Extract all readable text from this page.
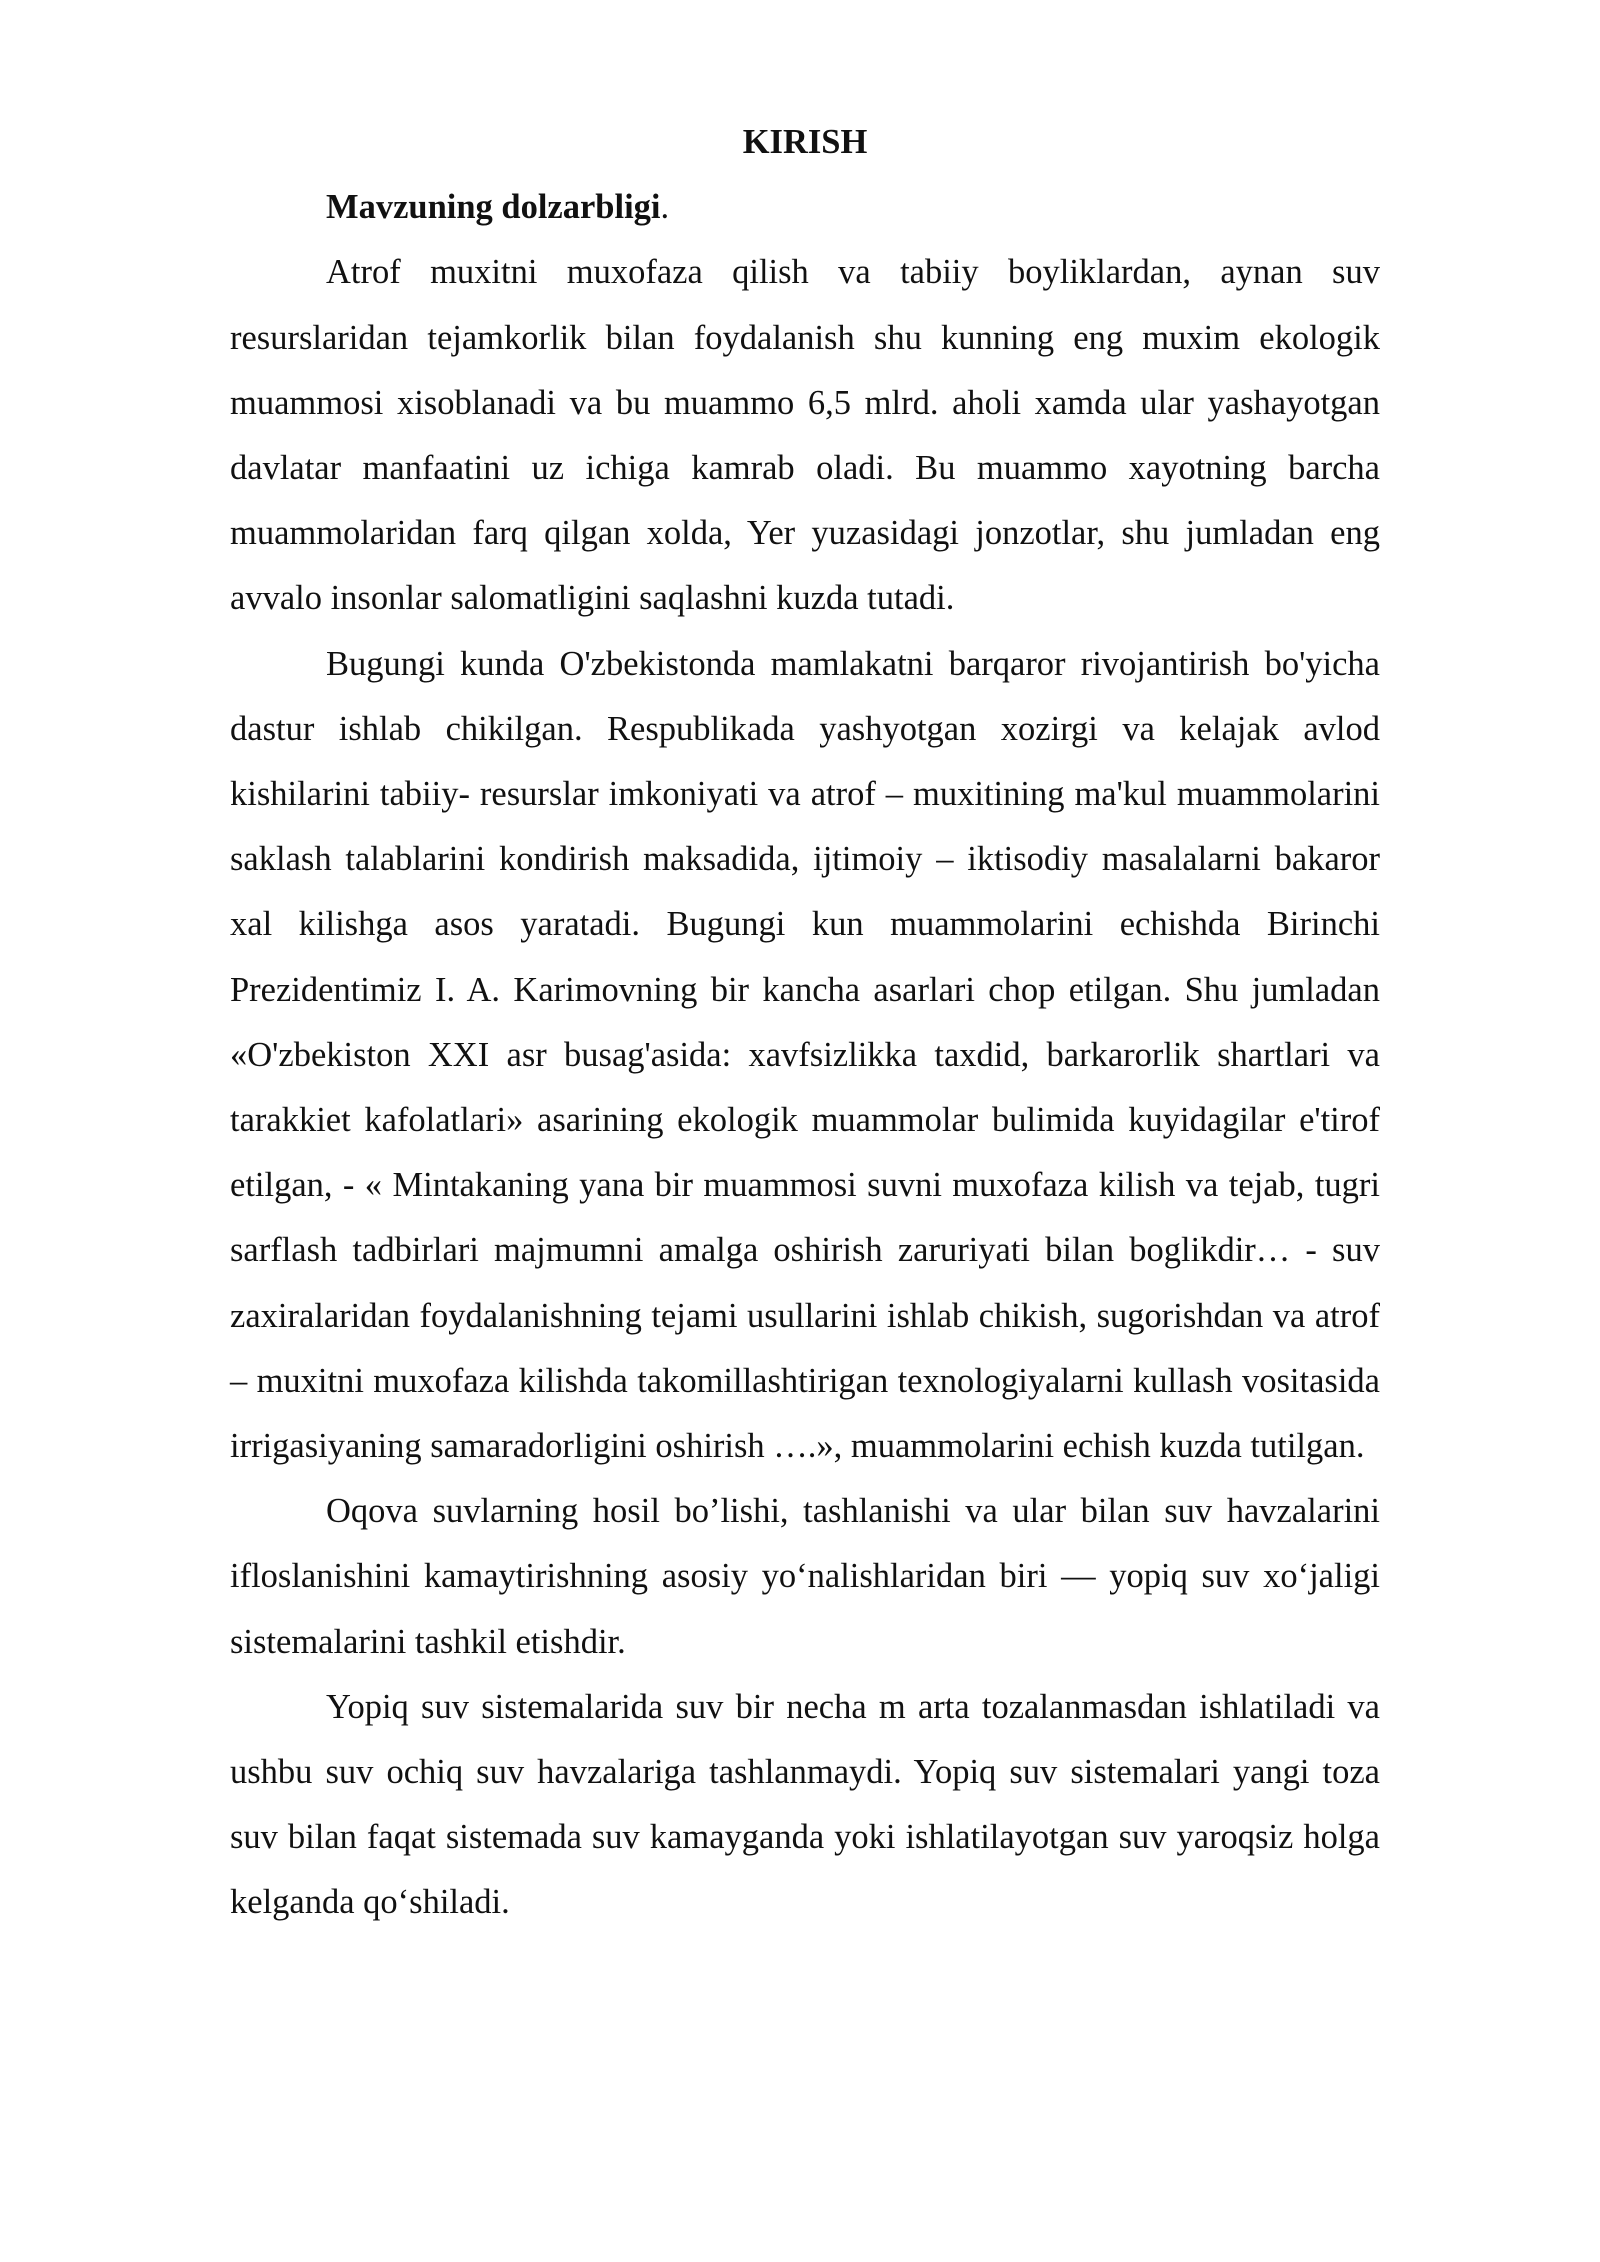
KIRISH

Mavzuning dolzarbligi.

Atrof muxitni muxofaza qilish va tabiiy boyliklardan, aynan suv resurslaridan tejamkorlik bilan foydalanish shu kunning eng muxim ekologik muammosi xisoblanadi va bu muammo 6,5 mlrd. aholi xamda ular yashayotgan davlatar manfaatini uz ichiga kamrab oladi. Bu muammo xayotning barcha muammolaridan farq qilgan xolda, Yer yuzasidagi jonzotlar, shu jumladan eng avvalo insonlar salomatligini saqlashni kuzda tutadi.

Bugungi kunda O'zbekistonda mamlakatni barqaror rivojantirish bo'yicha dastur ishlab chikilgan. Respublikada yashyotgan xozirgi va kelajak avlod kishilarini tabiiy- resurslar imkoniyati va atrof – muxitining ma'kul muammolarini saklash talablarini kondirish maksadida, ijtimoiy – iktisodiy masalalarni bakaror xal kilishga asos yaratadi. Bugungi kun muammolarini echishda Birinchi Prezidentimiz I. A. Karimovning bir kancha asarlari chop etilgan. Shu jumladan «O'zbekiston XXI asr busag'asida: xavfsizlikka taxdid, barkarorlik shartlari va tarakkiet kafolatlari» asarining ekologik muammolar bulimida kuyidagilar e'tirof etilgan, - « Mintakaning yana bir muammosi suvni muxofaza kilish va tejab, tugri sarflash tadbirlari majmumni amalga oshirish zaruriyati bilan boglikdir… - suv zaxiralaridan foydalanishning tejami usullarini ishlab chikish, sugorishdan va atrof – muxitni muxofaza kilishda takomillashtirigan texnologiyalarni kullash vositasida irrigasiyaning samaradorligini oshirish ….», muammolarini echish kuzda tutilgan.

Oqova suvlarning hosil bo’lishi, tashlanishi va ular bilan suv havzalarini ifloslanishini kamaytirishning asosiy yo‘nalishlaridan biri — yopiq suv xo‘jaligi sistemalarini tashkil etishdir.

Yopiq suv sistemalarida suv bir necha m arta tozalanmasdan ishlatiladi va ushbu suv ochiq suv havzalariga tashlanmaydi. Yopiq suv sistemalari yangi toza suv bilan faqat sistemada suv kamayganda yoki ishlatilayotgan suv yaroqsiz holga kelganda qo‘shiladi.
